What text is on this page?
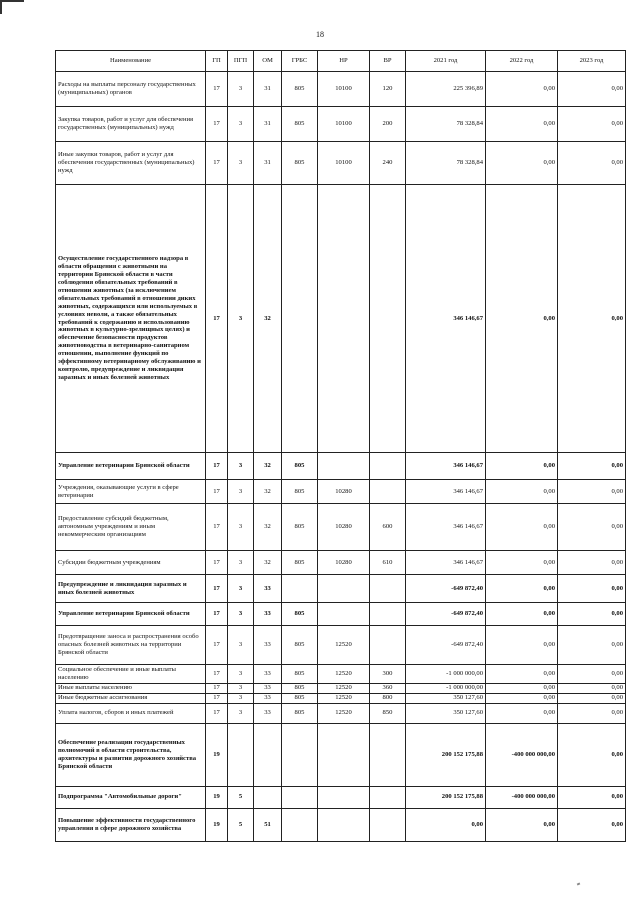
18
Наименование	ГП	ПГП	ОМ	ГРБС	НР	ВР	2021 год	2022 год	2023 год
Расходы на выплаты персоналу государственных (муниципальных) органов	17	3	31	805	10100	120	225 396,89	0,00	0,00
Закупка товаров, работ и услуг для обеспечения государственных (муниципальных) нужд	17	3	31	805	10100	200	78 328,84	0,00	0,00
Иные закупки товаров, работ и услуг для обеспечения государственных (муниципальных) нужд	17	3	31	805	10100	240	78 328,84	0,00	0,00
Осуществление государственного надзора в области обращения с животными на территории Брянской области в части соблюдения обязательных требований в отношении животных (за исключением обязательных требований в отношении диких животных, содержащихся или используемых в условиях неволи, а также обязательных требований к содержанию и использованию животных в культурно-зрелищных целях) и обеспечение безопасности продуктов животноводства в ветеринарно-санитарном отношении, выполнение функций по эффективному ветеринарному обслуживанию и контролю, предупреждение и ликвидация заразных и иных болезней животных	17	3	32				346 146,67	0,00	0,00
Управление ветеринарии Брянской области	17	3	32	805			346 146,67	0,00	0,00
Учреждения, оказывающие услуги в сфере ветеринарии	17	3	32	805	10280		346 146,67	0,00	0,00
Предоставление субсидий бюджетным, автономным учреждениям и иным некоммерческим организациям	17	3	32	805	10280	600	346 146,67	0,00	0,00
Субсидии бюджетным учреждениям	17	3	32	805	10280	610	346 146,67	0,00	0,00
Предупреждение и ликвидация заразных и иных болезней животных	17	3	33				-649 872,40	0,00	0,00
Управление ветеринарии Брянской области	17	3	33	805			-649 872,40	0,00	0,00
Предотвращение заноса и распространения особо опасных болезней животных на территории Брянской области	17	3	33	805	12520		-649 872,40	0,00	0,00
Социальное обеспечение и иные выплаты населению	17	3	33	805	12520	300	-1 000 000,00	0,00	0,00
Иные выплаты населению	17	3	33	805	12520	360	-1 000 000,00	0,00	0,00
Иные бюджетные ассигнования	17	3	33	805	12520	800	350 127,60	0,00	0,00
Уплата налогов, сборов и иных платежей	17	3	33	805	12520	850	350 127,60	0,00	0,00
Обеспечение реализации государственных полномочий в области строительства, архитектуры и развития дорожного хозяйства Брянской области	19						200 152 175,88	-400 000 000,00	0,00
Подпрограмма "Автомобильные дороги"	19	5					200 152 175,88	-400 000 000,00	0,00
Повышение эффективности государственного управления в сфере дорожного хозяйства	19	5	51				0,00	0,00	0,00
